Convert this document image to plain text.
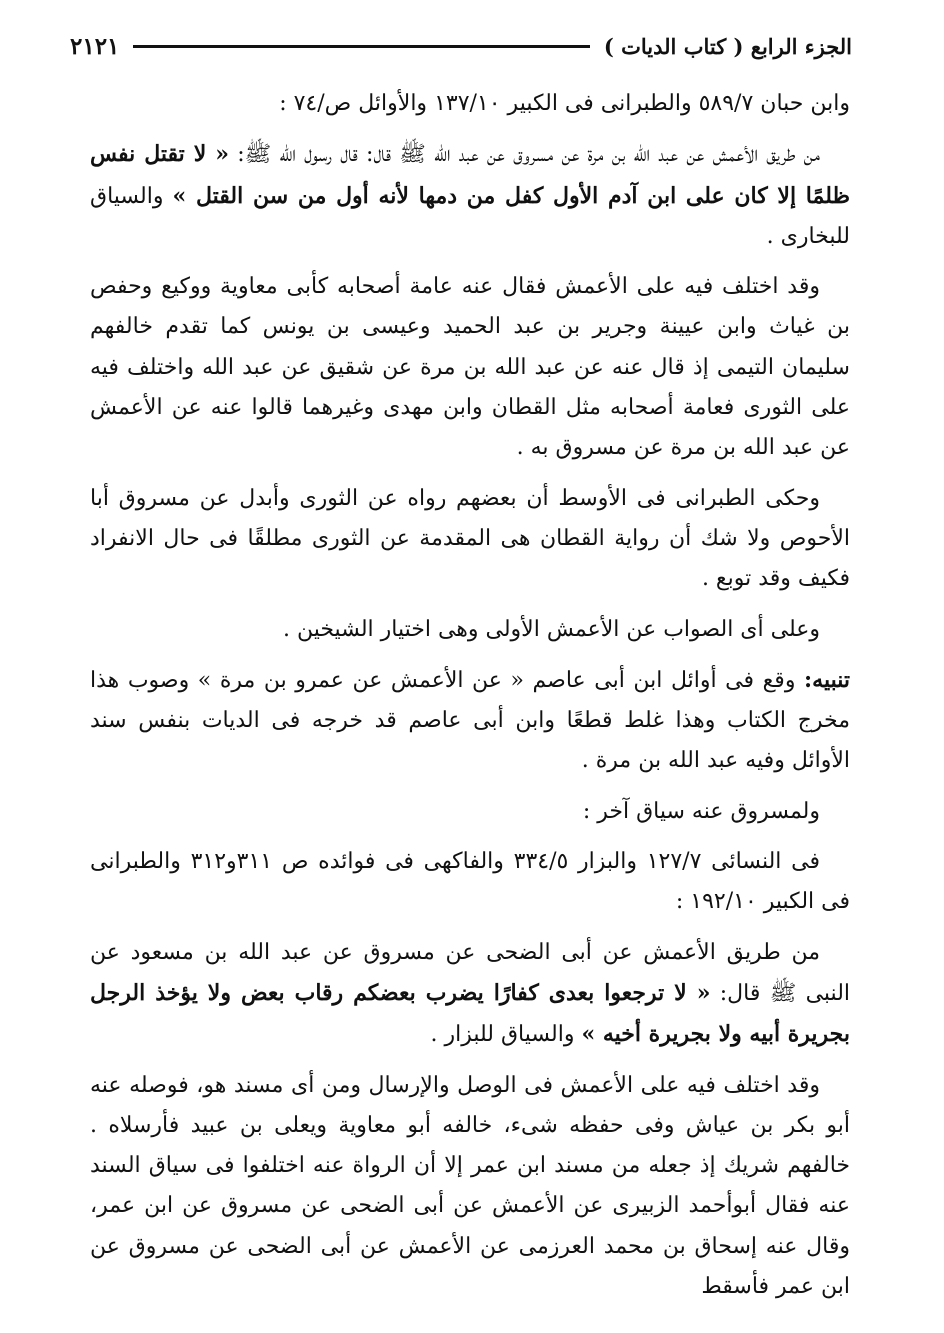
الجزء الرابع ( كتاب الديات )
٢١٢١

وابن حبان ٥٨٩/٧ والطبرانى فى الكبير ١٣٧/١٠ والأوائل ص/٧٤ :

من طريق الأعمش عن عبد الله بن مرة عن مسروق عن عبد الله ﷺ قال: قال رسول الله ﷺ: « لا تقتل نفس ظلمًا إلا كان على ابن آدم الأول كفل من دمها لأنه أول من سن القتل » والسياق للبخارى .

وقد اختلف فيه على الأعمش فقال عنه عامة أصحابه كأبى معاوية ووكيع وحفص بن غياث وابن عيينة وجرير بن عبد الحميد وعيسى بن يونس كما تقدم خالفهم سليمان التيمى إذ قال عنه عن عبد الله بن مرة عن شقيق عن عبد الله واختلف فيه على الثورى فعامة أصحابه مثل القطان وابن مهدى وغيرهما قالوا عنه عن الأعمش عن عبد الله بن مرة عن مسروق به .

وحكى الطبرانى فى الأوسط أن بعضهم رواه عن الثورى وأبدل عن مسروق أبا الأحوص ولا شك أن رواية القطان هى المقدمة عن الثورى مطلقًا فى حال الانفراد فكيف وقد توبع .

وعلى أى الصواب عن الأعمش الأولى وهى اختيار الشيخين .

تنبيه: وقع فى أوائل ابن أبى عاصم « عن الأعمش عن عمرو بن مرة » وصوب هذا مخرج الكتاب وهذا غلط قطعًا وابن أبى عاصم قد خرجه فى الديات بنفس سند الأوائل وفيه عبد الله بن مرة .

ولمسروق عنه سياق آخر :

فى النسائى ١٢٧/٧ والبزار ٣٣٤/٥ والفاكهى فى فوائده ص ٣١١و٣١٢ والطبرانى فى الكبير ١٩٢/١٠ :

من طريق الأعمش عن أبى الضحى عن مسروق عن عبد الله بن مسعود عن النبى ﷺ قال: « لا ترجعوا بعدى كفارًا يضرب بعضكم رقاب بعض ولا يؤخذ الرجل بجريرة أبيه ولا بجريرة أخيه » والسياق للبزار .

وقد اختلف فيه على الأعمش فى الوصل والإرسال ومن أى مسند هو، فوصله عنه أبو بكر بن عياش وفى حفظه شىء، خالفه أبو معاوية ويعلى بن عبيد فأرسلاه . خالفهم شريك إذ جعله من مسند ابن عمر إلا أن الرواة عنه اختلفوا فى سياق السند عنه فقال أبوأحمد الزبيرى عن الأعمش عن أبى الضحى عن مسروق عن ابن عمر، وقال عنه إسحاق بن محمد العرزمى عن الأعمش عن أبى الضحى عن مسروق عن ابن عمر فأسقط
